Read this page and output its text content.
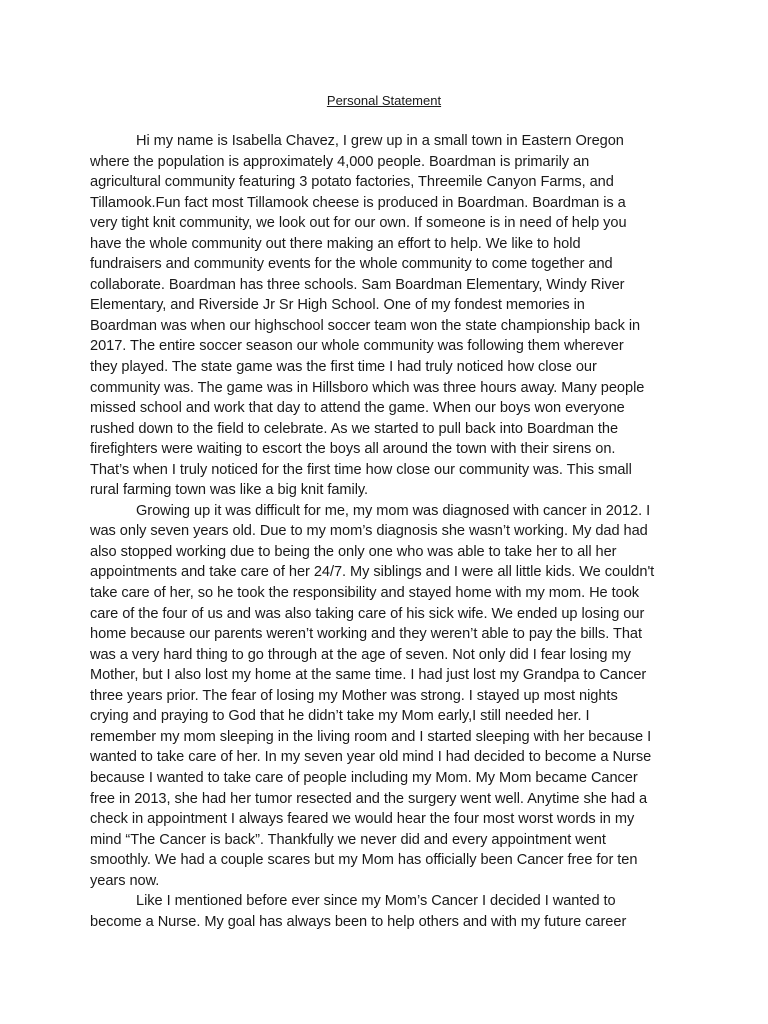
Personal Statement
Hi my name is Isabella Chavez, I grew up in a small town in Eastern Oregon
where the population is approximately 4,000 people. Boardman is primarily an
agricultural community featuring 3 potato factories, Threemile Canyon Farms, and
Tillamook.Fun fact most Tillamook cheese is produced in Boardman. Boardman is a
very tight knit community, we look out for our own. If someone is in need of help you
have the whole community out there making an effort to help. We like to hold
fundraisers and community events for the whole community to come together and
collaborate. Boardman has three schools. Sam Boardman Elementary, Windy River
Elementary, and Riverside Jr Sr High School. One of my fondest memories in
Boardman was when our highschool soccer team won the state championship back in
2017. The entire soccer season our whole community was following them wherever
they played. The state game was the first time I had truly noticed how close our
community was. The game was in Hillsboro which was three hours away. Many people
missed school and work that day to attend the game. When our boys won everyone
rushed down to the field to celebrate. As we started to pull back into Boardman the
firefighters were waiting to escort the boys all around the town with their sirens on.
That’s when I truly noticed for the first time how close our community was. This small
rural farming town was like a big knit family.
Growing up it was difficult for me, my mom was diagnosed with cancer in 2012. I
was only seven years old. Due to my mom’s diagnosis she wasn’t working. My dad had
also stopped working due to being the only one who was able to take her to all her
appointments and take care of her 24/7. My siblings and I were all little kids. We couldn't
take care of her, so he took the responsibility and stayed home with my mom. He took
care of the four of us and was also taking care of his sick wife. We ended up losing our
home because our parents weren’t working and they weren’t able to pay the bills. That
was a very hard thing to go through at the age of seven. Not only did I fear losing my
Mother, but I also lost my home at the same time. I had just lost my Grandpa to Cancer
three years prior. The fear of losing my Mother was strong. I stayed up most nights
crying and praying to God that he didn’t take my Mom early,I still needed her. I
remember my mom sleeping in the living room and I started sleeping with her because I
wanted to take care of her. In my seven year old mind I had decided to become a Nurse
because I wanted to take care of people including my Mom. My Mom became Cancer
free in 2013, she had her tumor resected and the surgery went well. Anytime she had a
check in appointment I always feared we would hear the four most worst words in my
mind “The Cancer is back”. Thankfully we never did and every appointment went
smoothly. We had a couple scares but my Mom has officially been Cancer free for ten
years now.
Like I mentioned before ever since my Mom’s Cancer I decided I wanted to
become a Nurse. My goal has always been to help others and with my future career
